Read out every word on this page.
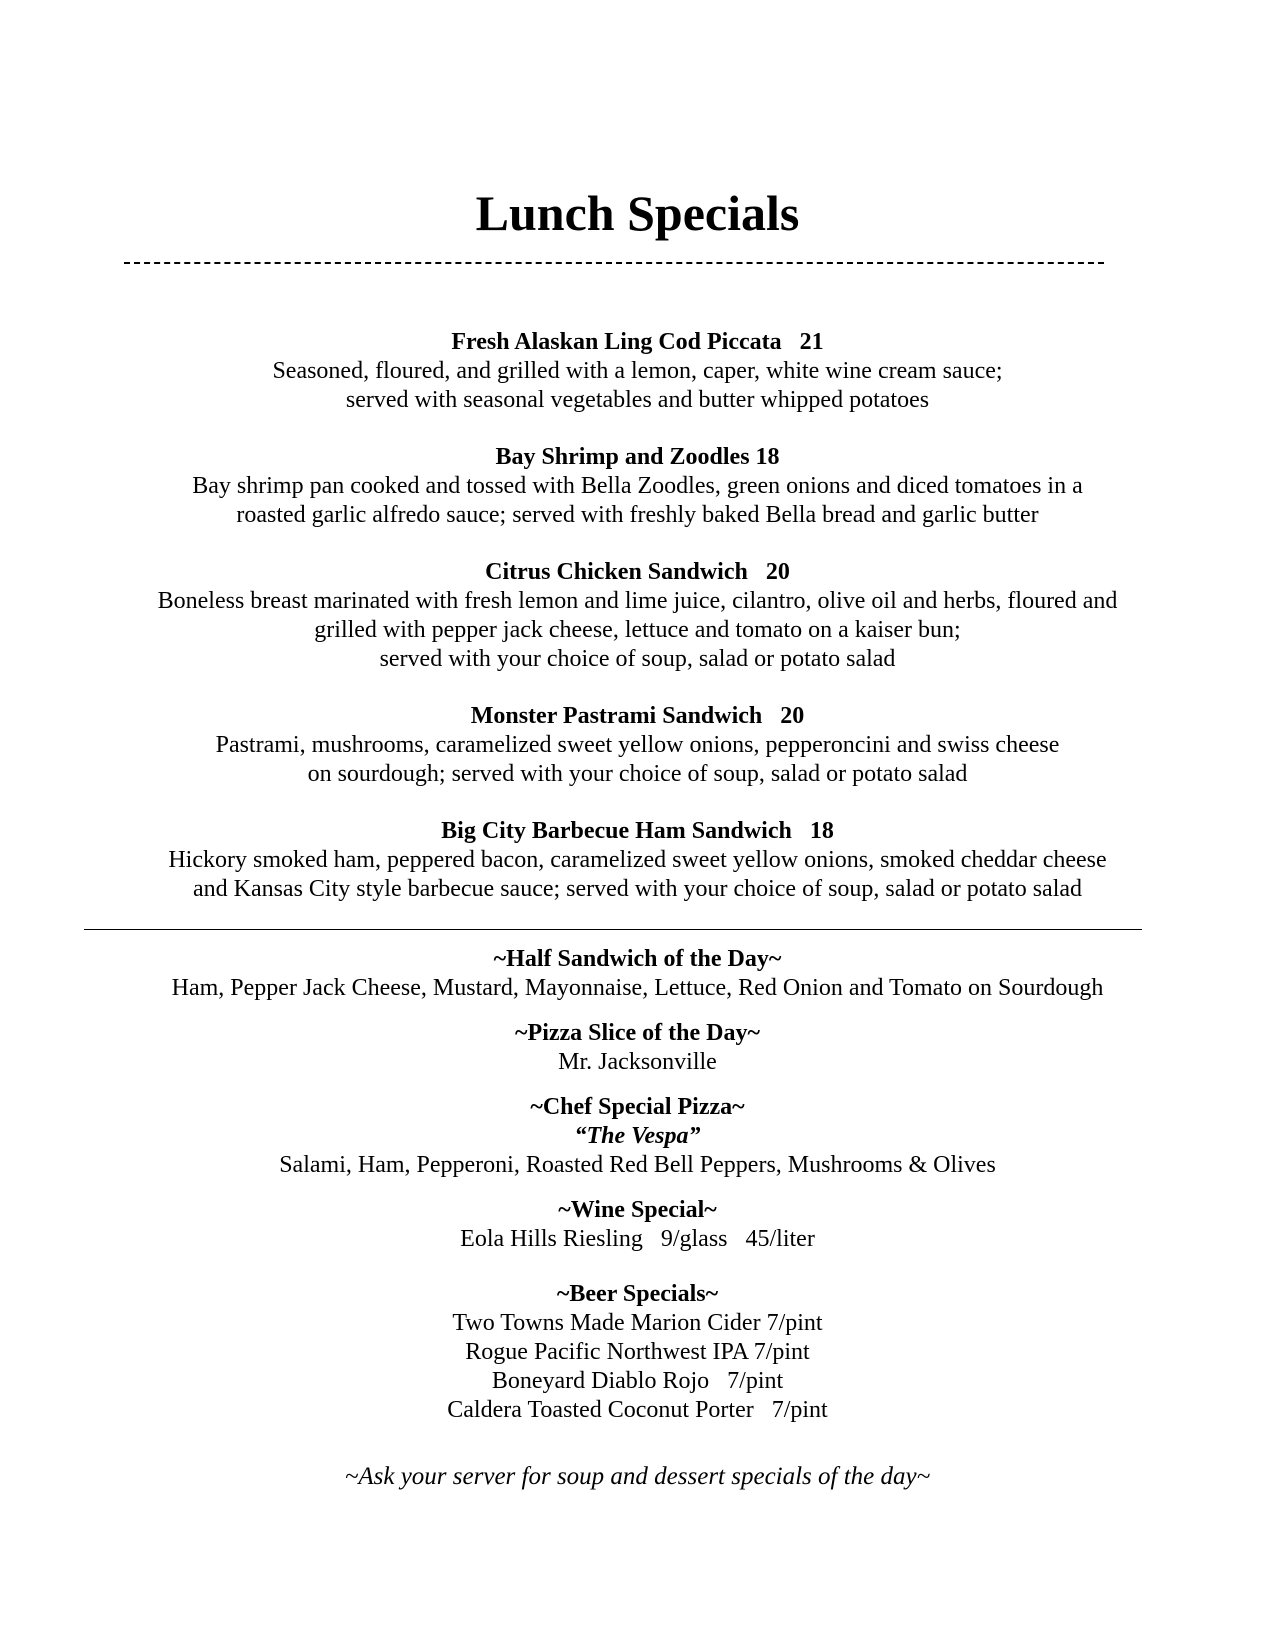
Lunch Specials
Fresh Alaskan Ling Cod Piccata   21
Seasoned, floured, and grilled with a lemon, caper, white wine cream sauce;
served with seasonal vegetables and butter whipped potatoes
Bay Shrimp and Zoodles 18
Bay shrimp pan cooked and tossed with Bella Zoodles, green onions and diced tomatoes in a
roasted garlic alfredo sauce; served with freshly baked Bella bread and garlic butter
Citrus Chicken Sandwich   20
Boneless breast marinated with fresh lemon and lime juice, cilantro, olive oil and herbs, floured and
grilled with pepper jack cheese, lettuce and tomato on a kaiser bun;
served with your choice of soup, salad or potato salad
Monster Pastrami Sandwich   20
Pastrami, mushrooms, caramelized sweet yellow onions, pepperoncini and swiss cheese
on sourdough; served with your choice of soup, salad or potato salad
Big City Barbecue Ham Sandwich   18
Hickory smoked ham, peppered bacon, caramelized sweet yellow onions, smoked cheddar cheese
and Kansas City style barbecue sauce; served with your choice of soup, salad or potato salad
~Half Sandwich of the Day~
Ham, Pepper Jack Cheese, Mustard, Mayonnaise, Lettuce, Red Onion and Tomato on Sourdough
~Pizza Slice of the Day~
Mr. Jacksonville
~Chef Special Pizza~
“The Vespa”
Salami, Ham, Pepperoni, Roasted Red Bell Peppers, Mushrooms & Olives
~Wine Special~
Eola Hills Riesling   9/glass   45/liter
~Beer Specials~
Two Towns Made Marion Cider 7/pint
Rogue Pacific Northwest IPA 7/pint
Boneyard Diablo Rojo   7/pint
Caldera Toasted Coconut Porter   7/pint
~Ask your server for soup and dessert specials of the day~
